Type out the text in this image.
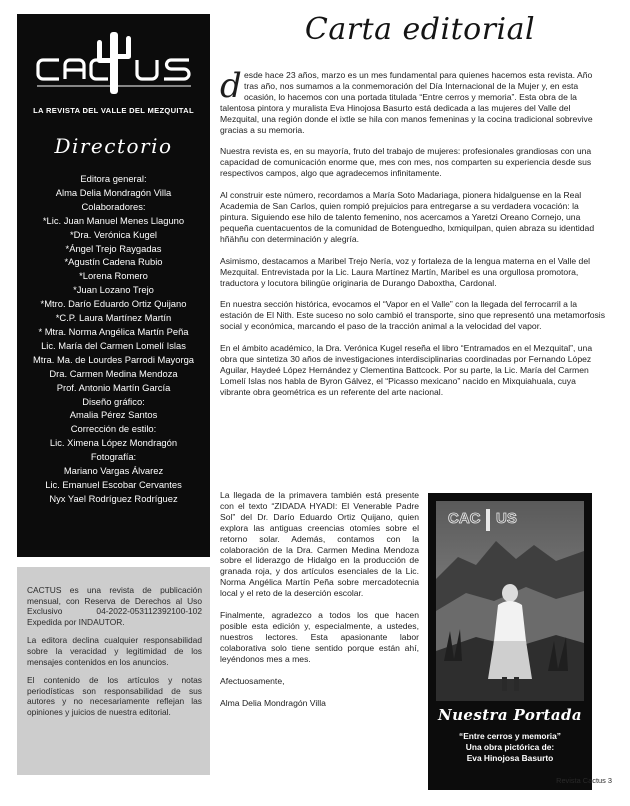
LA REVISTA DEL VALLE DEL MEZQUITAL
Directorio
Editora general:
Alma Delia Mondragón Villa
Colaboradores:
*Lic. Juan Manuel Menes Llaguno
*Dra. Verónica Kugel
*Ángel Trejo Raygadas
*Agustín Cadena Rubio
*Lorena Romero
*Juan Lozano Trejo
*Mtro. Darío Eduardo Ortiz Quijano
*C.P. Laura Martínez Martín
* Mtra. Norma Angélica Martín Peña
Lic. María del Carmen Lomelí Islas
Mtra. Ma. de Lourdes Parrodi Mayorga
Dra. Carmen Medina Mendoza
Prof. Antonio Martín García
Diseño gráfico:
Amalia Pérez Santos
Corrección de estilo:
Lic. Ximena López Mondragón
Fotografía:
Mariano Vargas Álvarez
Lic. Emanuel Escobar Cervantes
Nyx Yael Rodríguez Rodríguez

CACTUS es una revista de publicación mensual, con Reserva de Derechos al Uso Exclusivo 04-2022-053112392100-102 Expedida por INDAUTOR.

La editora declina cualquier responsabilidad sobre la veracidad y legitimidad de los mensajes contenidos en los anuncios.

El contenido de los artículos y notas periodísticas son responsabilidad de sus autores y no necesariamente reflejan las opiniones y juicios de nuestra editorial.

Carta editorial

desde hace 23 años, marzo es un mes fundamental para quienes hacemos esta revista. Año tras año, nos sumamos a la conmemoración del Día Internacional de la Mujer y, en esta ocasión, lo hacemos con una portada titulada “Entre cerros y memoria”. Esta obra de la talentosa pintora y muralista Eva Hinojosa Basurto está dedicada a las mujeres del Valle del Mezquital, una región donde el ixtle se hila con manos femeninas y la cocina tradicional sobrevive gracias a su memoria.

Nuestra revista es, en su mayoría, fruto del trabajo de mujeres: profesionales grandiosas con una capacidad de comunicación enorme que, mes con mes, nos comparten su experiencia desde sus respectivos campos, algo que agradecemos infinitamente.

Al construir este número, recordamos a María Soto Madariaga, pionera hidalguense en la Real Academia de San Carlos, quien rompió prejuicios para entregarse a su verdadera vocación: la pintura. Siguiendo ese hilo de talento femenino, nos acercamos a Yaretzi Oreano Cornejo, una pequeña cuentacuentos de la comunidad de Botenguedho, Ixmiquilpan, quien abraza su identidad hñähñu con determinación y alegría.

Asimismo, destacamos a Maribel Trejo Nería, voz y fortaleza de la lengua materna en el Valle del Mezquital. Entrevistada por la Lic. Laura Martínez Martín, Maribel es una orgullosa promotora, traductora y locutora bilingüe originaria de Durango Daboxtha, Cardonal.

En nuestra sección histórica, evocamos el “Vapor en el Valle” con la llegada del ferrocarril a la estación de El Nith. Este suceso no solo cambió el transporte, sino que representó una metamorfosis social y económica, marcando el paso de la tracción animal a la velocidad del vapor.

En el ámbito académico, la Dra. Verónica Kugel reseña el libro “Entramados en el Mezquital”, una obra que sintetiza 30 años de investigaciones interdisciplinarias coordinadas por Fernando López Aguilar, Haydeé López Hernández y Clementina Battcock. Por su parte, la Lic. María del Carmen Lomelí Islas nos habla de Byron Gálvez, el “Picasso mexicano” nacido en Mixquiahuala, cuya vibrante obra geométrica es un referente del arte nacional.

La llegada de la primavera también está presente con el texto “ZIDADA HYADI: El Venerable Padre Sol” del Dr. Darío Eduardo Ortiz Quijano, quien explora las antiguas creencias otomíes sobre el retorno solar. Además, contamos con la colaboración de la Dra. Carmen Medina Mendoza sobre el liderazgo de Hidalgo en la producción de granada roja, y dos artículos esenciales de la Lic. Norma Angélica Martín Peña sobre mercadotecnia local y el reto de la deserción escolar.

Finalmente, agradezco a todos los que hacen posible esta edición y, especialmente, a ustedes, nuestros lectores. Esta apasionante labor colaborativa solo tiene sentido porque están ahí, leyéndonos mes a mes.

Afectuosamente,

Alma Delia Mondragón Villa

CAC US
Nuestra Portada
“Entre cerros y memoria”
Una obra pictórica de:
Eva Hinojosa Basurto
Revista Cactus 3
